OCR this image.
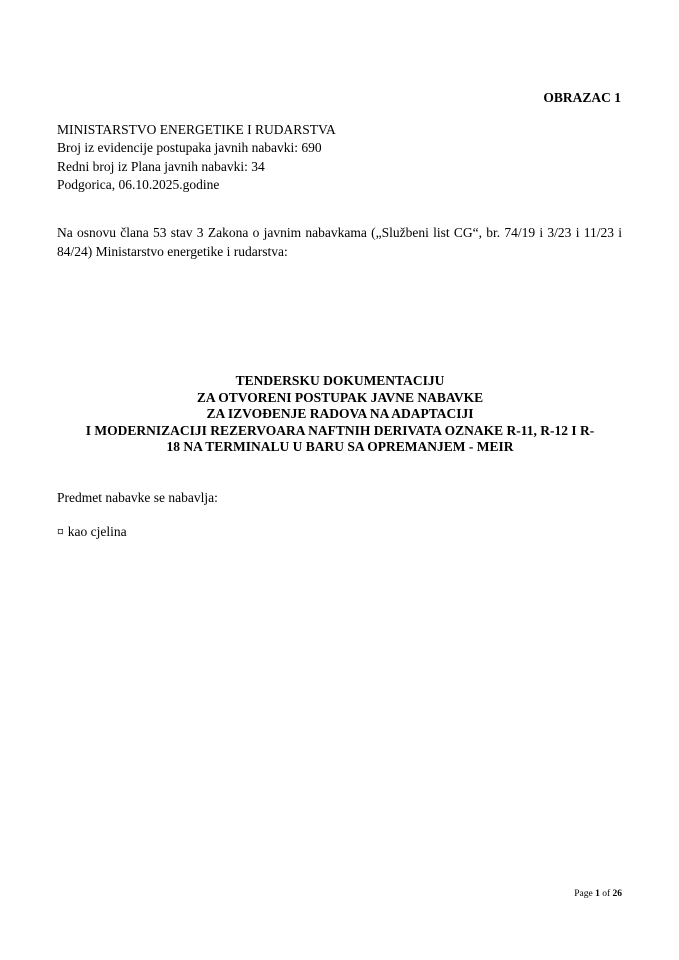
OBRAZAC 1
MINISTARSTVO ENERGETIKE I RUDARSTVA
Broj iz evidencije postupaka javnih nabavki: 690
Redni broj iz Plana javnih nabavki: 34
Podgorica, 06.10.2025.godine
Na osnovu člana 53 stav 3 Zakona o javnim nabavkama („Službeni list CG“, br. 74/19 i 3/23 i 11/23 i 84/24) Ministarstvo energetike i rudarstva:
TENDERSKU DOKUMENTACIJU
ZA OTVORENI POSTUPAK JAVNE NABAVKE
ZA IZVOĐENJE RADOVA NA ADAPTACIJI
I MODERNIZACIJI REZERVOARA NAFTNIH DERIVATA OZNAKE R-11, R-12 I R-
18 NA TERMINALU U BARU SA OPREMANJEM - MEIR
Predmet nabavke se nabavlja:
¤ kao cjelina
Page 1 of 26
